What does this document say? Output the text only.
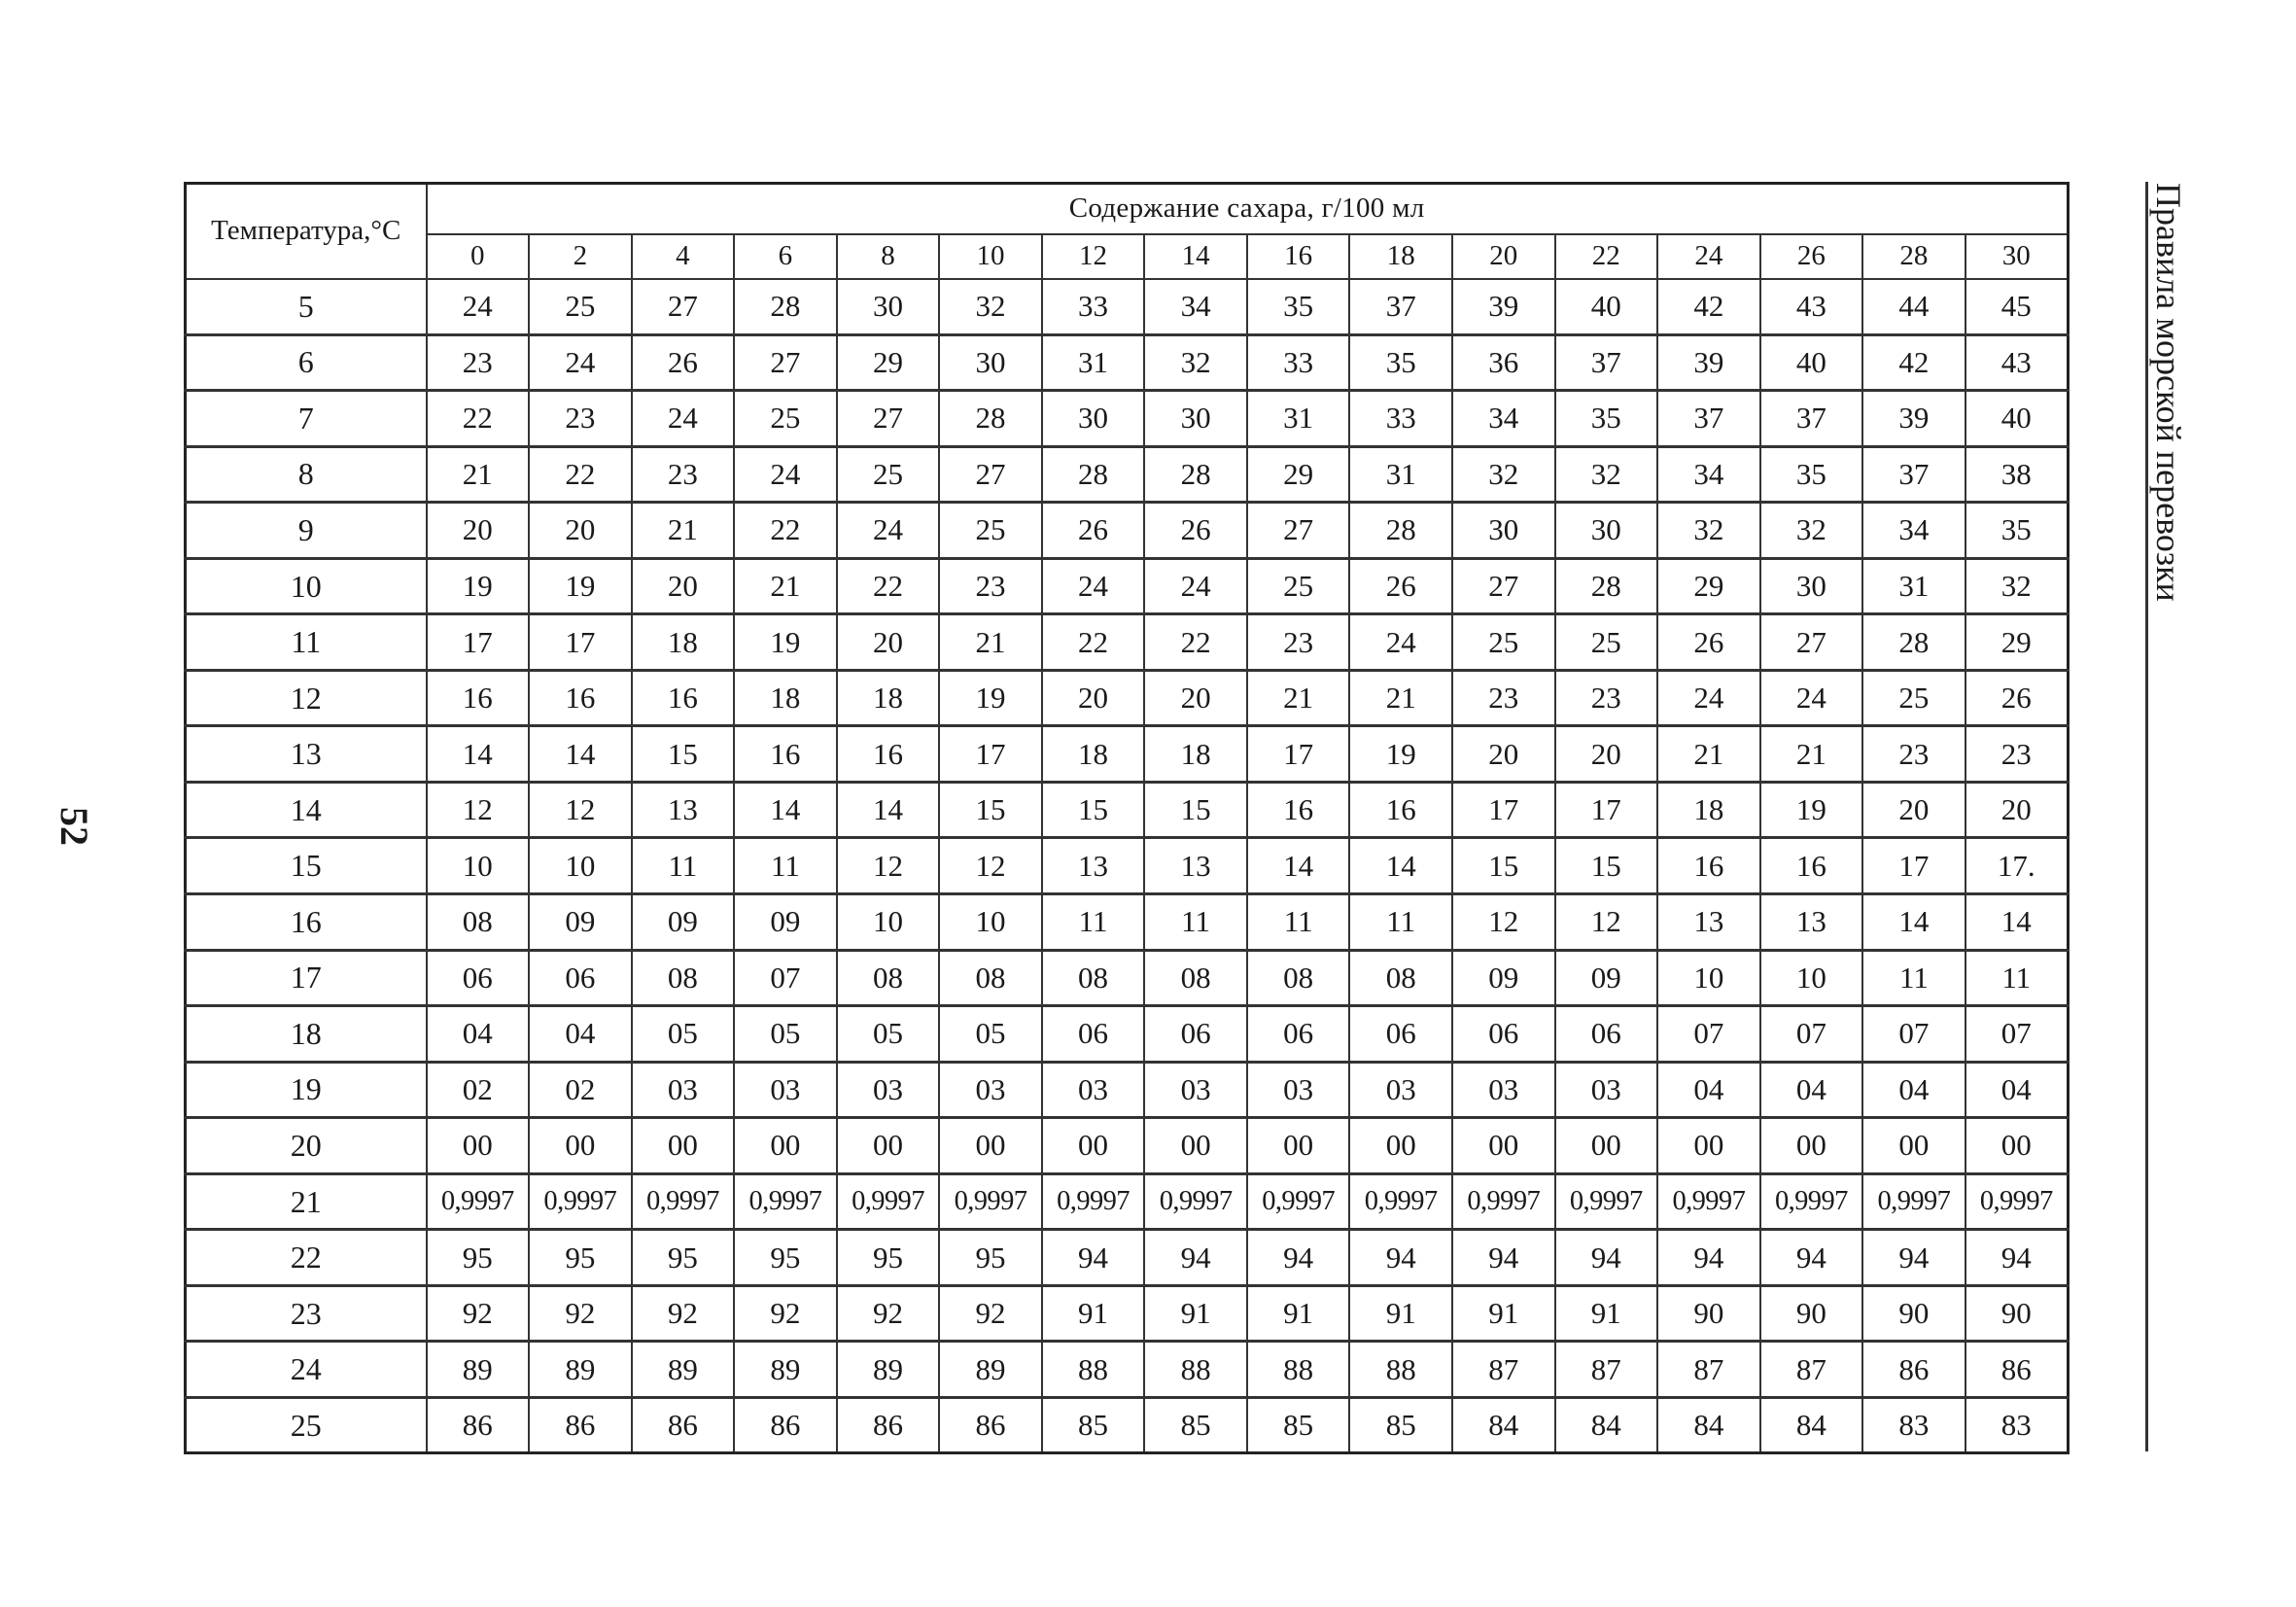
52
Температура,°С	Содержание сахара, г/100 мл															
	0	2	4	6	8	10	12	14	16	18	20	22	24	26	28	30
5	24	25	27	28	30	32	33	34	35	37	39	40	42	43	44	45
6	23	24	26	27	29	30	31	32	33	35	36	37	39	40	42	43
7	22	23	24	25	27	28	30	30	31	33	34	35	37	37	39	40
8	21	22	23	24	25	27	28	28	29	31	32	32	34	35	37	38
9	20	20	21	22	24	25	26	26	27	28	30	30	32	32	34	35
10	19	19	20	21	22	23	24	24	25	26	27	28	29	30	31	32
11	17	17	18	19	20	21	22	22	23	24	25	25	26	27	28	29
12	16	16	16	18	18	19	20	20	21	21	23	23	24	24	25	26
13	14	14	15	16	16	17	18	18	17	19	20	20	21	21	23	23
14	12	12	13	14	14	15	15	15	16	16	17	17	18	19	20	20
15	10	10	11	11	12	12	13	13	14	14	15	15	16	16	17	17.
16	08	09	09	09	10	10	11	11	11	11	12	12	13	13	14	14
17	06	06	08	07	08	08	08	08	08	08	09	09	10	10	11	11
18	04	04	05	05	05	05	06	06	06	06	06	06	07	07	07	07
19	02	02	03	03	03	03	03	03	03	03	03	03	04	04	04	04
20	00	00	00	00	00	00	00	00	00	00	00	00	00	00	00	00
21	0,9997	0,9997	0,9997	0,9997	0,9997	0,9997	0,9997	0,9997	0,9997	0,9997	0,9997	0,9997	0,9997	0,9997	0,9997	0,9997
22	95	95	95	95	95	95	94	94	94	94	94	94	94	94	94	94
23	92	92	92	92	92	92	91	91	91	91	91	91	90	90	90	90
24	89	89	89	89	89	89	88	88	88	88	87	87	87	87	86	86
25	86	86	86	86	86	86	85	85	85	85	84	84	84	84	83	83
Правила морской перевозки
